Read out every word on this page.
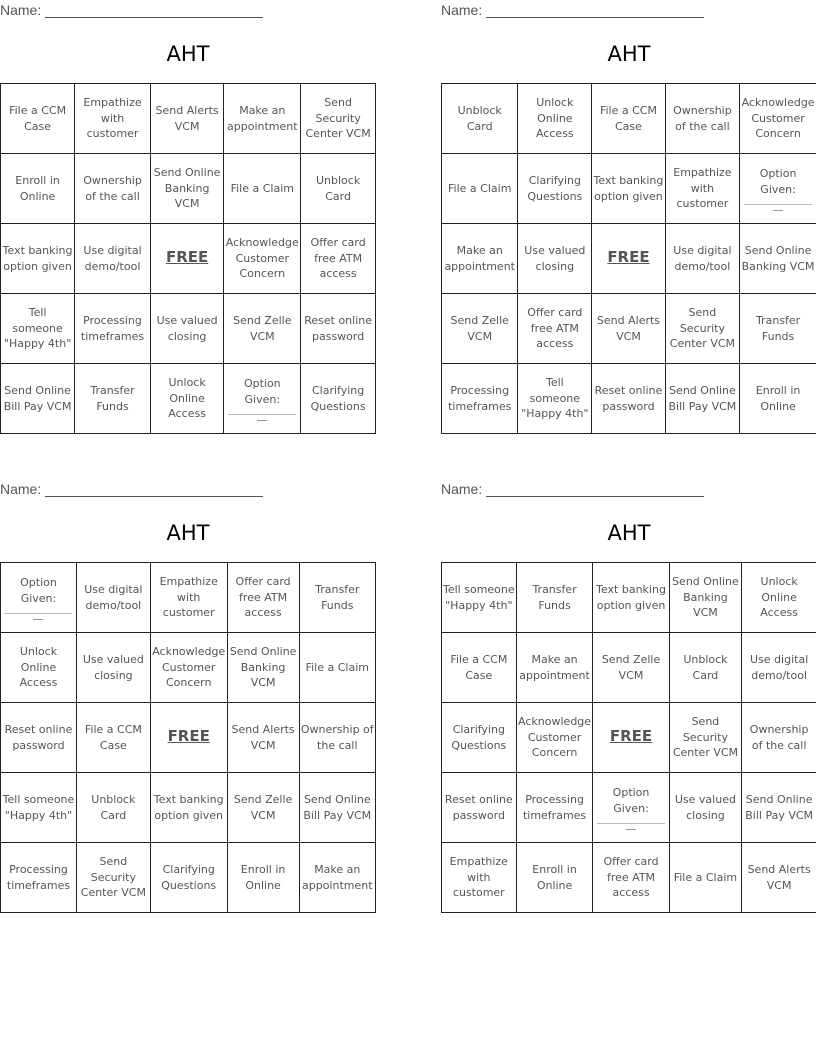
Name:
AHT
File a CCM Case	Empathize with customer	Send Alerts VCM	Make an appointment	Send Security Center VCM
Enroll in Online	Ownership of the call	Send Online Banking VCM	File a Claim	Unblock Card
Text banking option given	Use digital demo/tool	FREE	Acknowledge Customer Concern	Offer card free ATM access
Tell someone "Happy 4th"	Processing timeframes	Use valued closing	Send Zelle VCM	Reset online password
Send Online Bill Pay VCM	Transfer Funds	Unlock Online Access	Option Given:	Clarifying Questions
Name:
AHT
Unblock Card	Unlock Online Access	File a CCM Case	Ownership of the call	Acknowledge Customer Concern
File a Claim	Clarifying Questions	Text banking option given	Empathize with customer	Option Given:

Make an appointment	Use valued closing	FREE	Use digital demo/tool	Send Online Banking VCM
Send Zelle VCM	Offer card free ATM access	Send Alerts VCM	Send Security Center VCM	Transfer Funds
Processing timeframes	Tell someone "Happy 4th"	Reset online password	Send Online Bill Pay VCM	Enroll in Online
Name:
AHT
Option Given:	Use digital demo/tool	Empathize with customer	Offer card free ATM access	Transfer Funds
Unlock Online Access	Use valued closing	Acknowledge Customer Concern	Send Online Banking VCM	File a Claim
Reset online password	File a CCM Case	FREE	Send Alerts VCM	Ownership of the call
Tell someone "Happy 4th"	Unblock Card	Text banking option given	Send Zelle VCM	Send Online Bill Pay VCM
Processing timeframes	Send Security Center VCM	Clarifying Questions	Enroll in Online	Make an appointment
Name:
AHT
Tell someone "Happy 4th"	Transfer Funds	Text banking option given	Send Online Banking VCM	Unlock Online Access
File a CCM Case	Make an appointment	Send Zelle VCM	Unblock Card	Use digital demo/tool
Clarifying Questions	Acknowledge Customer Concern	FREE	Send Security Center VCM	Ownership of the call
Reset online password	Processing timeframes	Option Given:	Use valued closing	Send Online Bill Pay VCM
Empathize with customer	Enroll in Online	Offer card free ATM access	File a Claim	Send Alerts VCM
